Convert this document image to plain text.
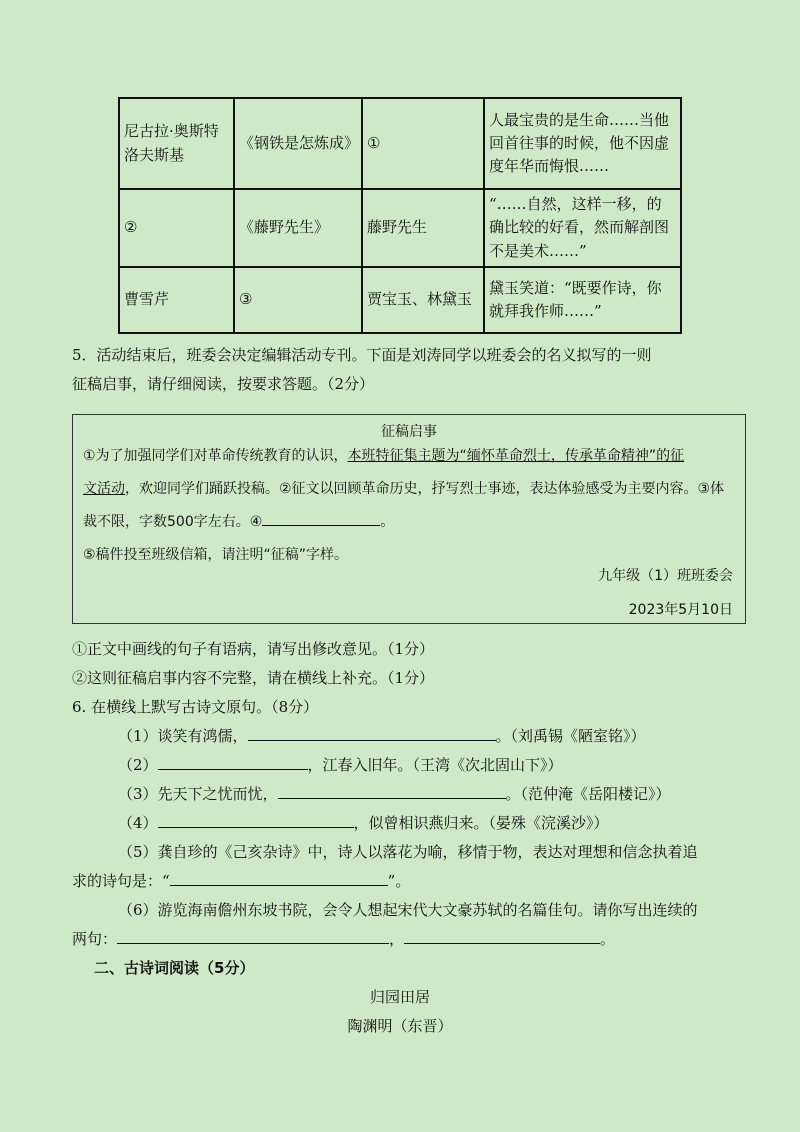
尼古拉·奥斯特洛夫斯基	《钢铁是怎炼成》	①	人最宝贵的是生命……当他回首往事的时候，他不因虚度年华而悔恨……
②	《藤野先生》	藤野先生	“……自然，这样一移，的确比较的好看，然而解剖图不是美术……”
曹雪芹	③	贾宝玉、林黛玉	黛玉笑道：“既要作诗，你就拜我作师……”
5．活动结束后，班委会决定编辑活动专刊。下面是刘涛同学以班委会的名义拟写的一则
征稿启事，请仔细阅读，按要求答题。（2分）
征稿启事
①为了加强同学们对革命传统教育的认识，本班特征集主题为“缅怀革命烈士，传承革命精神”的征
文活动，欢迎同学们踊跃投稿。②征文以回顾革命历史，抒写烈士事迹，表达体验感受为主要内容。③体
裁不限，字数500字左右。④	。
⑤稿件投至班级信箱，请注明“征稿”字样。
九年级（1）班班委会
2023年5月10日
①正文中画线的句子有语病，请写出修改意见。（1分）
②这则征稿启事内容不完整，请在横线上补充。（1分）
6. 在横线上默写古诗文原句。（8分）
（1）谈笑有鸿儒，	。（刘禹锡《陋室铭》）
（2）	，江春入旧年。（王湾《次北固山下》）
（3）先天下之忧而忧，	。（范仲淹《岳阳楼记》）
（4）	，似曾相识燕归来。（晏殊《浣溪沙》）
（5）龚自珍的《己亥杂诗》中，诗人以落花为喻，移情于物，表达对理想和信念执着追
求的诗句是：“	”。
（6）游览海南儋州东坡书院，会令人想起宋代大文豪苏轼的名篇佳句。请你写出连续的
两句：	，	。
二、古诗词阅读（5分）
归园田居
陶渊明（东晋）
